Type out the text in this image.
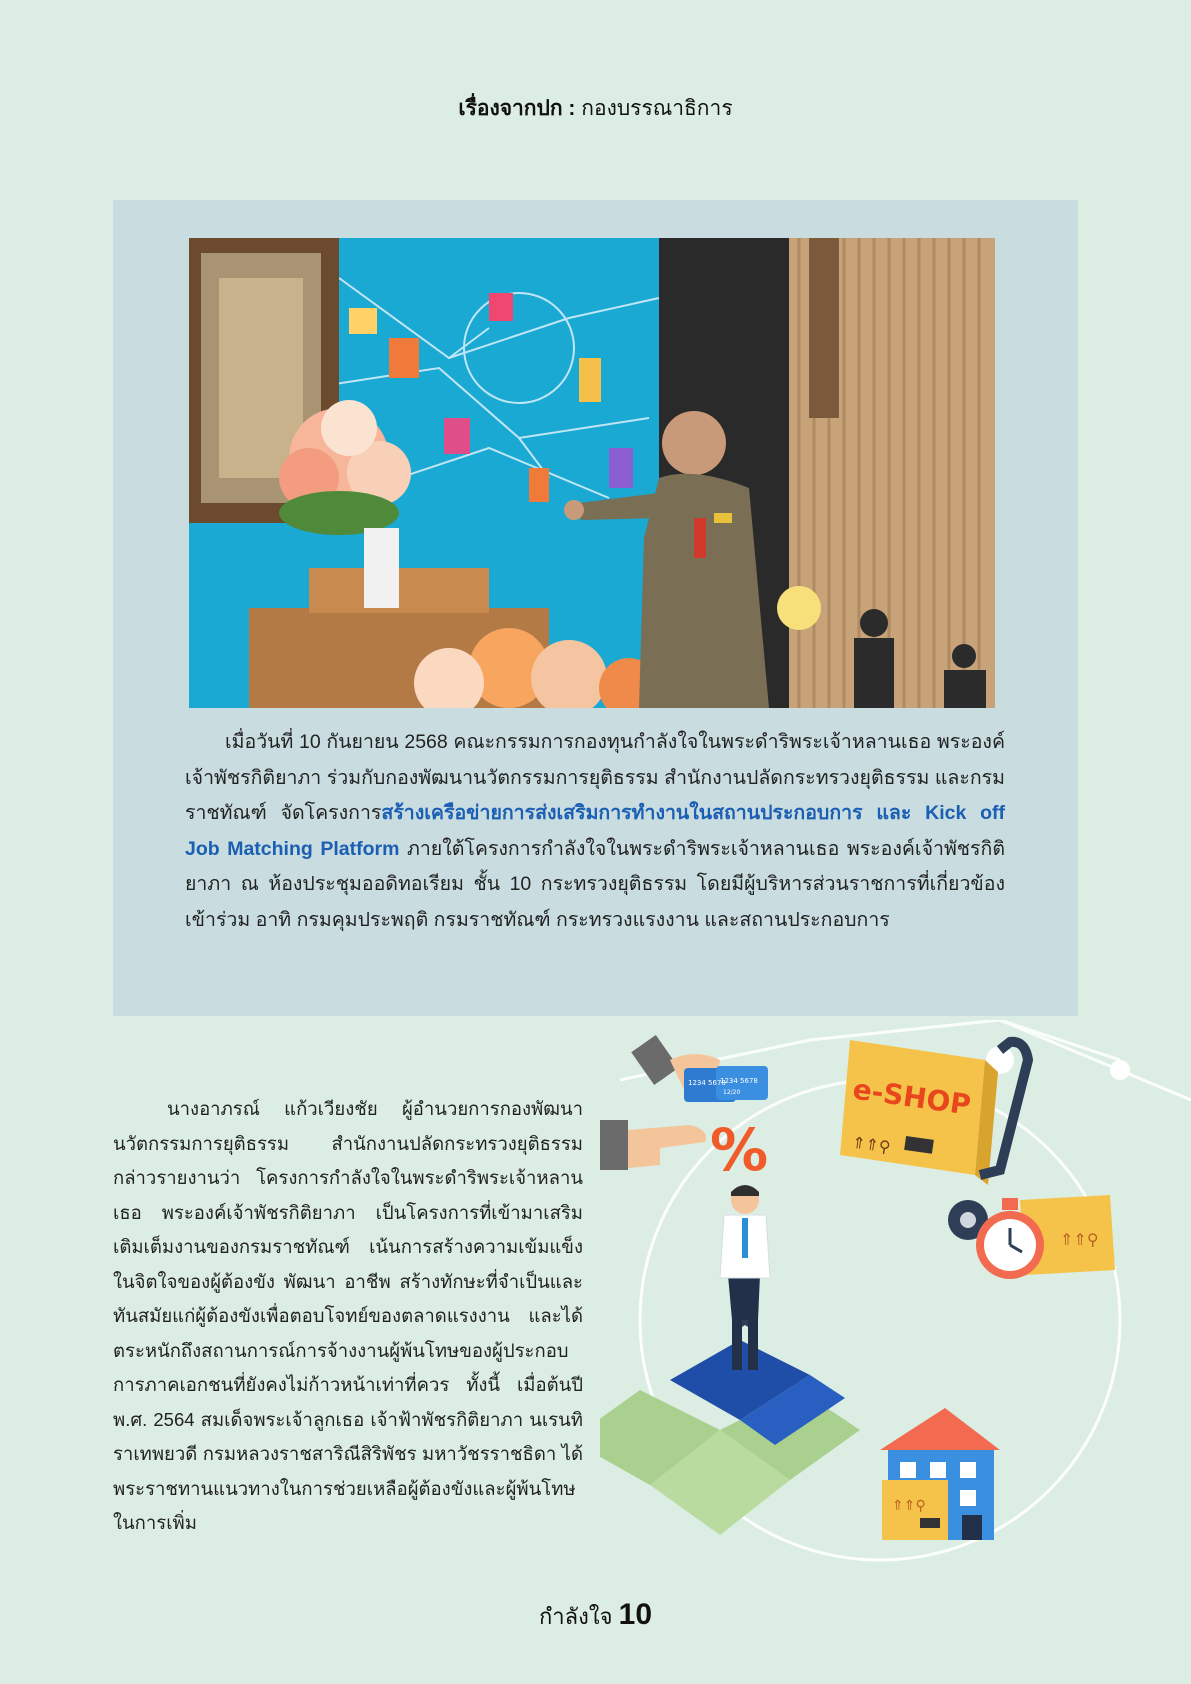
เรื่องจากปก : กองบรรณาธิการ
เมื่อวันที่ 10 กันยายน 2568 คณะกรรมการกองทุนกำลังใจในพระดำริพระเจ้าหลานเธอ พระองค์เจ้าพัชรกิติยาภา ร่วมกับกองพัฒนานวัตกรรมการยุติธรรม สำนักงานปลัดกระทรวงยุติธรรม และกรมราชทัณฑ์ จัดโครงการสร้างเครือข่ายการส่งเสริมการทำงานในสถานประกอบการ และ Kick off Job Matching Platform ภายใต้โครงการกำลังใจในพระดำริพระเจ้าหลานเธอ พระองค์เจ้าพัชรกิติยาภา ณ ห้องประชุมออดิทอเรียม ชั้น 10 กระทรวงยุติธรรม โดยมีผู้บริหารส่วนราชการที่เกี่ยวข้องเข้าร่วม อาทิ กรมคุมประพฤติ กรมราชทัณฑ์ กระทรวงแรงงาน และสถานประกอบการ
นางอาภรณ์ แก้วเวียงชัย ผู้อำนวยการกองพัฒนานวัตกรรมการยุติธรรม สำนักงานปลัดกระทรวงยุติธรรม กล่าวรายงานว่า โครงการกำลังใจในพระดำริพระเจ้าหลานเธอ พระองค์เจ้าพัชรกิติยาภา เป็นโครงการที่เข้ามาเสริมเติมเต็มงานของกรมราชทัณฑ์ เน้นการสร้างความเข้มแข็งในจิตใจของผู้ต้องขัง พัฒนา อาชีพ สร้างทักษะที่จำเป็นและทันสมัยแก่ผู้ต้องขังเพื่อตอบโจทย์ของตลาดแรงงาน และได้ตระหนักถึงสถานการณ์การจ้างงานผู้พ้นโทษของผู้ประกอบการภาคเอกชนที่ยังคงไม่ก้าวหน้าเท่าที่ควร ทั้งนี้ เมื่อต้นปี พ.ศ. 2564 สมเด็จพระเจ้าลูกเธอ เจ้าฟ้าพัชรกิติยาภา นเรนทิราเทพยวดี กรมหลวงราชสาริณีสิริพัชร มหาวัชรราชธิดา ได้พระราชทานแนวทางในการช่วยเหลือผู้ต้องขังและผู้พ้นโทษในการเพิ่ม
1234 5678
1234 5678
12/20
%
e-SHOP
⇑⇑⚲
⇑⇑⚲
⇑⇑⚲
กำลังใจ 10
